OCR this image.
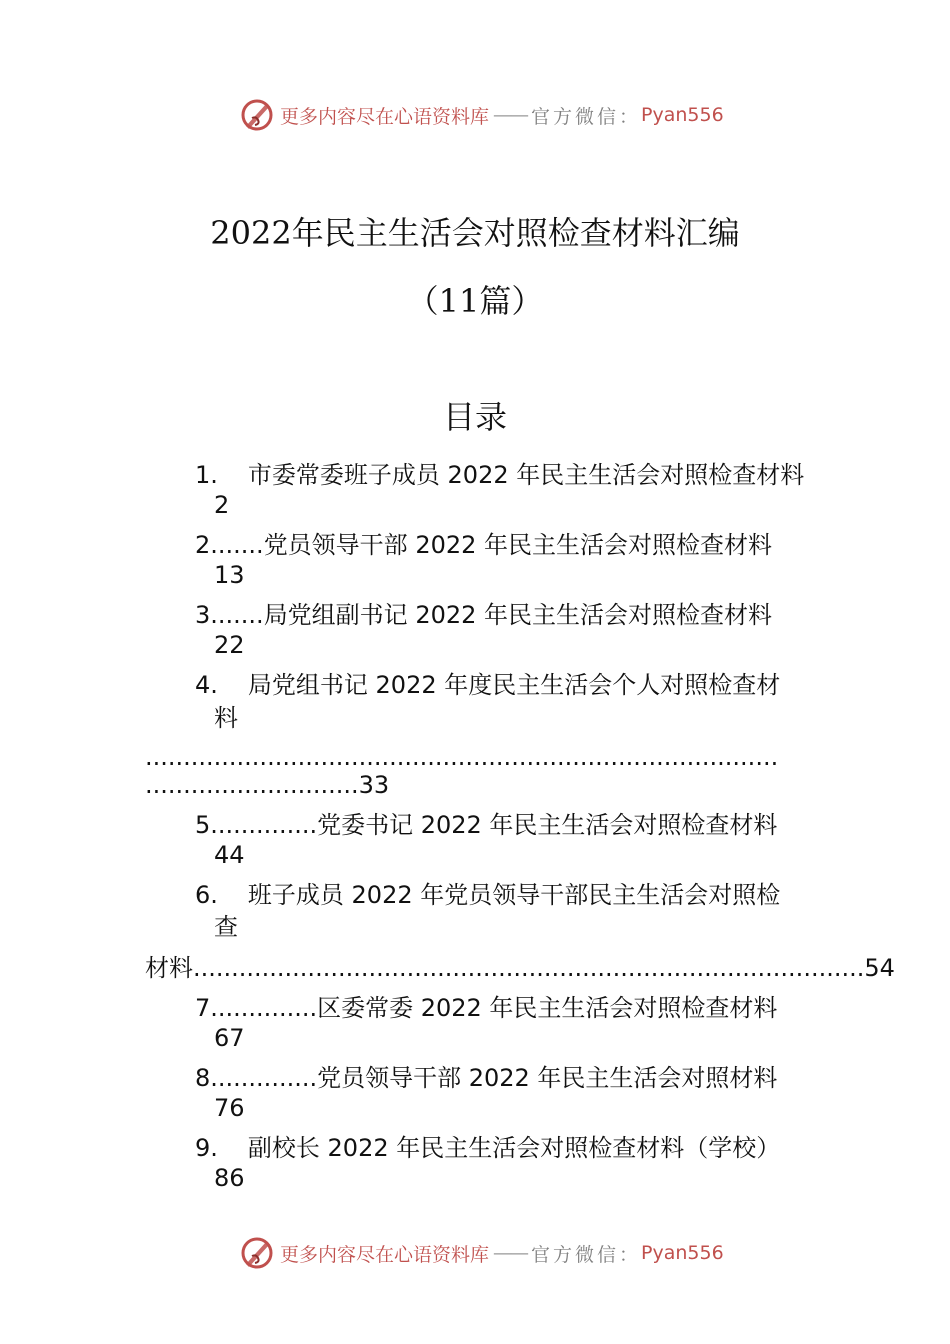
更多内容尽在心语资料库 —— 官方微信： Pyan556
2022年民主生活会对照检查材料汇编
（11篇）
目录
1. 市委常委班子成员 2022 年民主生活会对照检查材料
2
2.......党员领导干部 2022 年民主生活会对照检查材料
13
3.......局党组副书记 2022 年民主生活会对照检查材料
22
4. 局党组书记 2022 年度民主生活会个人对照检查材
料
...................................................................................
............................33
5..............党委书记 2022 年民主生活会对照检查材料
44
6. 班子成员 2022 年党员领导干部民主生活会对照检
查
材料 ........................................................................................ 54
7..............区委常委 2022 年民主生活会对照检查材料
67
8..............党员领导干部 2022 年民主生活会对照材料
76
9. 副校长 2022 年民主生活会对照检查材料（学校）
86
更多内容尽在心语资料库 —— 官方微信： Pyan556
